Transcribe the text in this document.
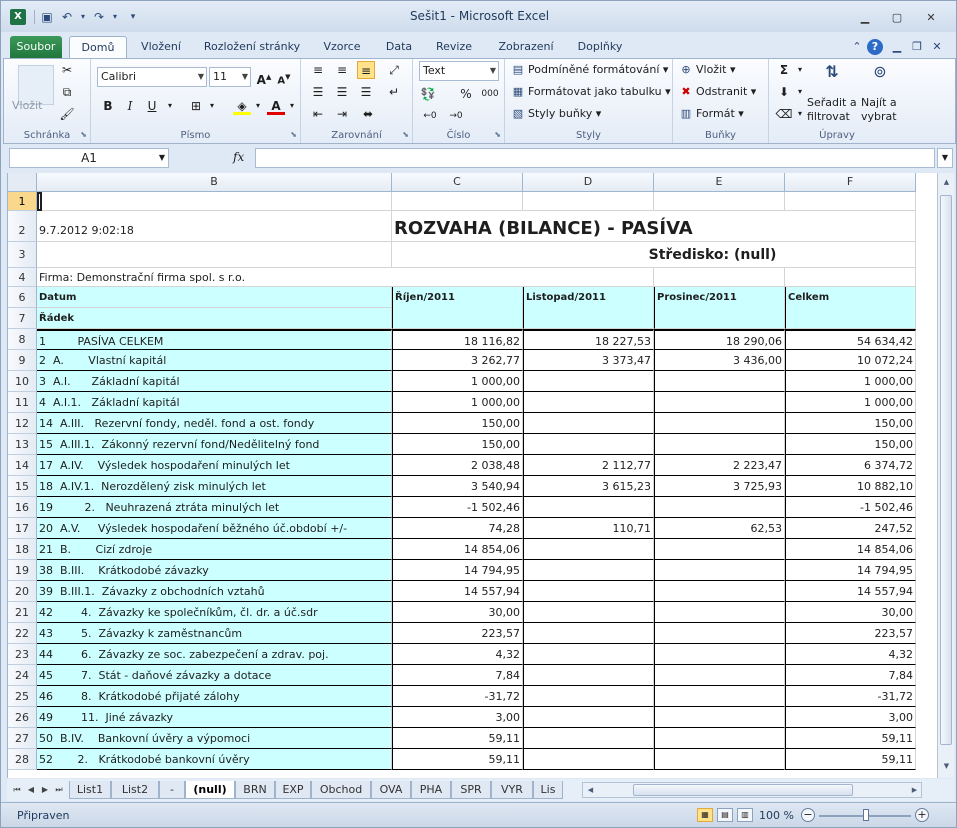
X	▣ ↶	▾ ↷	▾	▾	Sešit1 - Microsoft Excel	▁	▢	✕
Soubor	Domů	Vložení	Rozložení stránky	Vzorce	Data	Revize	Zobrazení	Doplňky	⌃ ?	▁ ❐ ✕
Vložit
✂
⧉
🖌
Schránka	⬊
Calibri	▼ 11 ▼ A▲ A▼
B	I	U	▾	⊞	▾	◈	▾ A	▾
Písmo	⬊
≡	≡	≡	⤢
☰	☰	☰	↵
⇤	⇥	⬌
Zarovnání	⬊
Text	▼
💱 %	000
←0 →0
Číslo	⬊
▤ Podmíněné formátování ▾
▦ Formátovat jako tabulku ▾
▧ Styly buňky ▾
Styly
⊕ Vložit ▾
✖ Odstranit ▾
▥ Formát ▾
Buňky
Σ	▾
⬇	▾
⌫ ▾
⇅
Seřadit a
filtrovat
⊚
Najít a
vybrat
Úpravy
A1	▼	fx	▼
B	C	D	E	F
1
2
3
4
6
7
8
9
10
11
12
13
14
15
16
17
18
19
20
21
22
23
24
25
26
27
28
9.7.2012 9:02:18	ROZVAHA (BILANCE) - PASÍVA
Středisko: (null)
Firma: Demonstrační firma spol. s r.o.
Datum
Řádek
Říjen/2011	Listopad/2011	Prosinec/2011	Celkem
1         PASÍVA CELKEM	18 116,82	18 227,53	18 290,06	54 634,42
2  A.       Vlastní kapitál	3 262,77	3 373,47	3 436,00	10 072,24
3  A.I.      Základní kapitál	1 000,00	1 000,00
4  A.I.1.   Základní kapitál	1 000,00	1 000,00
14  A.III.   Rezervní fondy, neděl. fond a ost. fondy	150,00	150,00
15  A.III.1.  Zákonný rezervní fond/Nedělitelný fond	150,00	150,00
17  A.IV.    Výsledek hospodaření minulých let	2 038,48	2 112,77	2 223,47	6 374,72
18  A.IV.1.  Nerozdělený zisk minulých let	3 540,94	3 615,23	3 725,93	10 882,10
19         2.   Neuhrazená ztráta minulých let	-1 502,46	-1 502,46
20  A.V.     Výsledek hospodaření běžného úč.období +/-	74,28	110,71	62,53	247,52
21  B.       Cizí zdroje	14 854,06	14 854,06
38  B.III.    Krátkodobé závazky	14 794,95	14 794,95
39  B.III.1.  Závazky z obchodních vztahů	14 557,94	14 557,94
42        4.  Závazky ke společníkům, čl. dr. a úč.sdr	30,00	30,00
43        5.  Závazky k zaměstnancům	223,57	223,57
44        6.  Závazky ze soc. zabezpečení a zdrav. poj.	4,32	4,32
45        7.  Stát - daňové závazky a dotace	7,84	7,84
46        8.  Krátkodobé přijaté zálohy	-31,72	-31,72
49        11.  Jiné závazky	3,00	3,00
50  B.IV.    Bankovní úvěry a výpomoci	59,11	59,11
52       2.   Krátkodobé bankovní úvěry	59,11	59,11
▲
▼
⏮ ◀ ▶ ⏭	List1	List2	-	(null)	BRN	EXP	Obchod	OVA	PHA	SPR	VYR	Lis	◀	▶
Připraven	▦	▤	▥ 100 % −	+
